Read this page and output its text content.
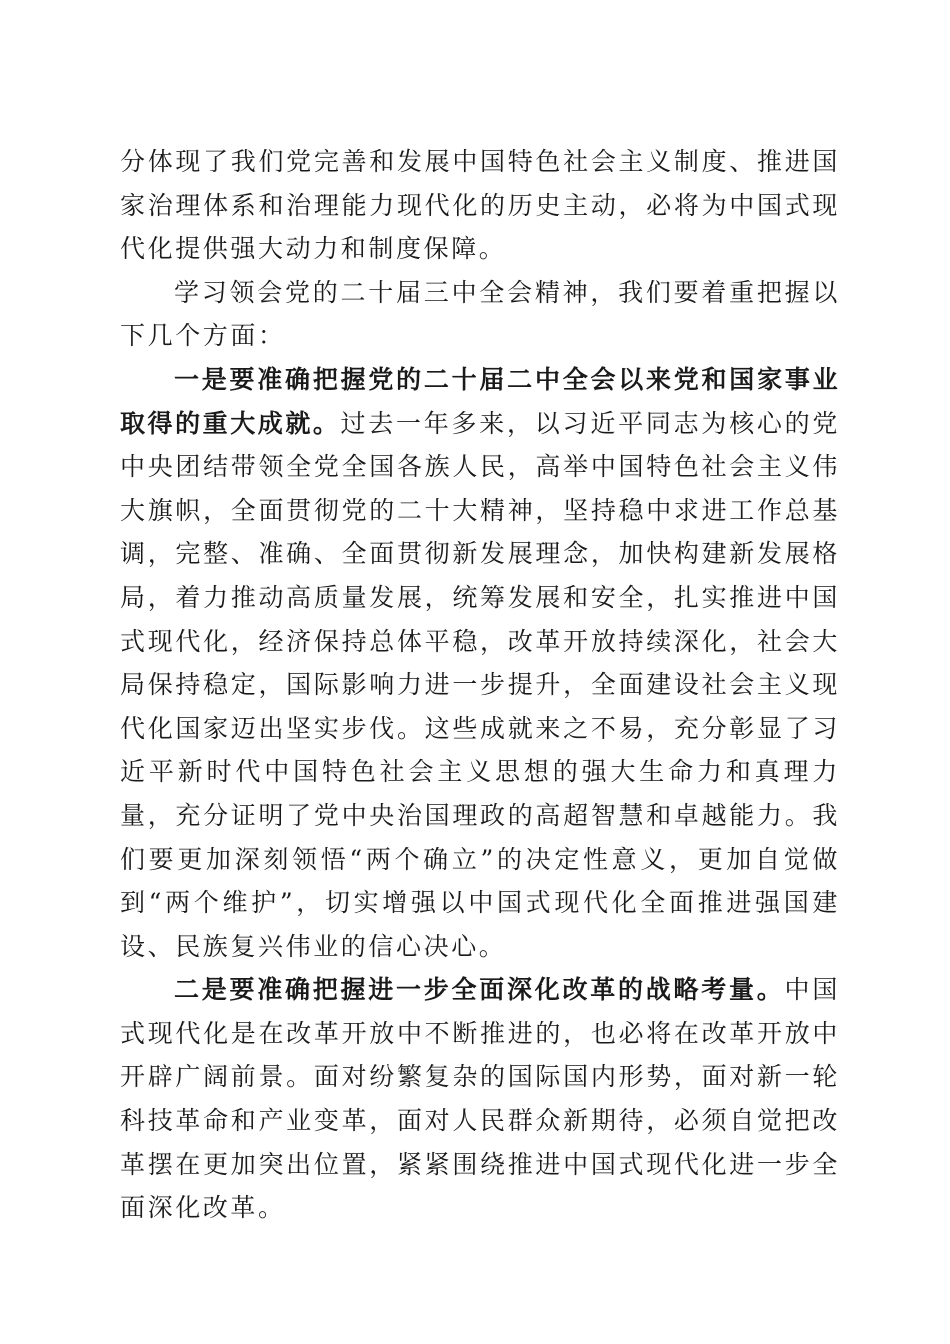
分体现了我们党完善和发展中国特色社会主义制度、推进国家治理体系和治理能力现代化的历史主动，必将为中国式现代化提供强大动力和制度保障。

学习领会党的二十届三中全会精神，我们要着重把握以下几个方面：

一是要准确把握党的二十届二中全会以来党和国家事业取得的重大成就。过去一年多来，以习近平同志为核心的党中央团结带领全党全国各族人民，高举中国特色社会主义伟大旗帜，全面贯彻党的二十大精神，坚持稳中求进工作总基调，完整、准确、全面贯彻新发展理念，加快构建新发展格局，着力推动高质量发展，统筹发展和安全，扎实推进中国式现代化，经济保持总体平稳，改革开放持续深化，社会大局保持稳定，国际影响力进一步提升，全面建设社会主义现代化国家迈出坚实步伐。这些成就来之不易，充分彰显了习近平新时代中国特色社会主义思想的强大生命力和真理力量，充分证明了党中央治国理政的高超智慧和卓越能力。我们要更加深刻领悟“两个确立”的决定性意义，更加自觉做到“两个维护”，切实增强以中国式现代化全面推进强国建设、民族复兴伟业的信心决心。

二是要准确把握进一步全面深化改革的战略考量。中国式现代化是在改革开放中不断推进的，也必将在改革开放中开辟广阔前景。面对纷繁复杂的国际国内形势，面对新一轮科技革命和产业变革，面对人民群众新期待，必须自觉把改革摆在更加突出位置，紧紧围绕推进中国式现代化进一步全面深化改革。
